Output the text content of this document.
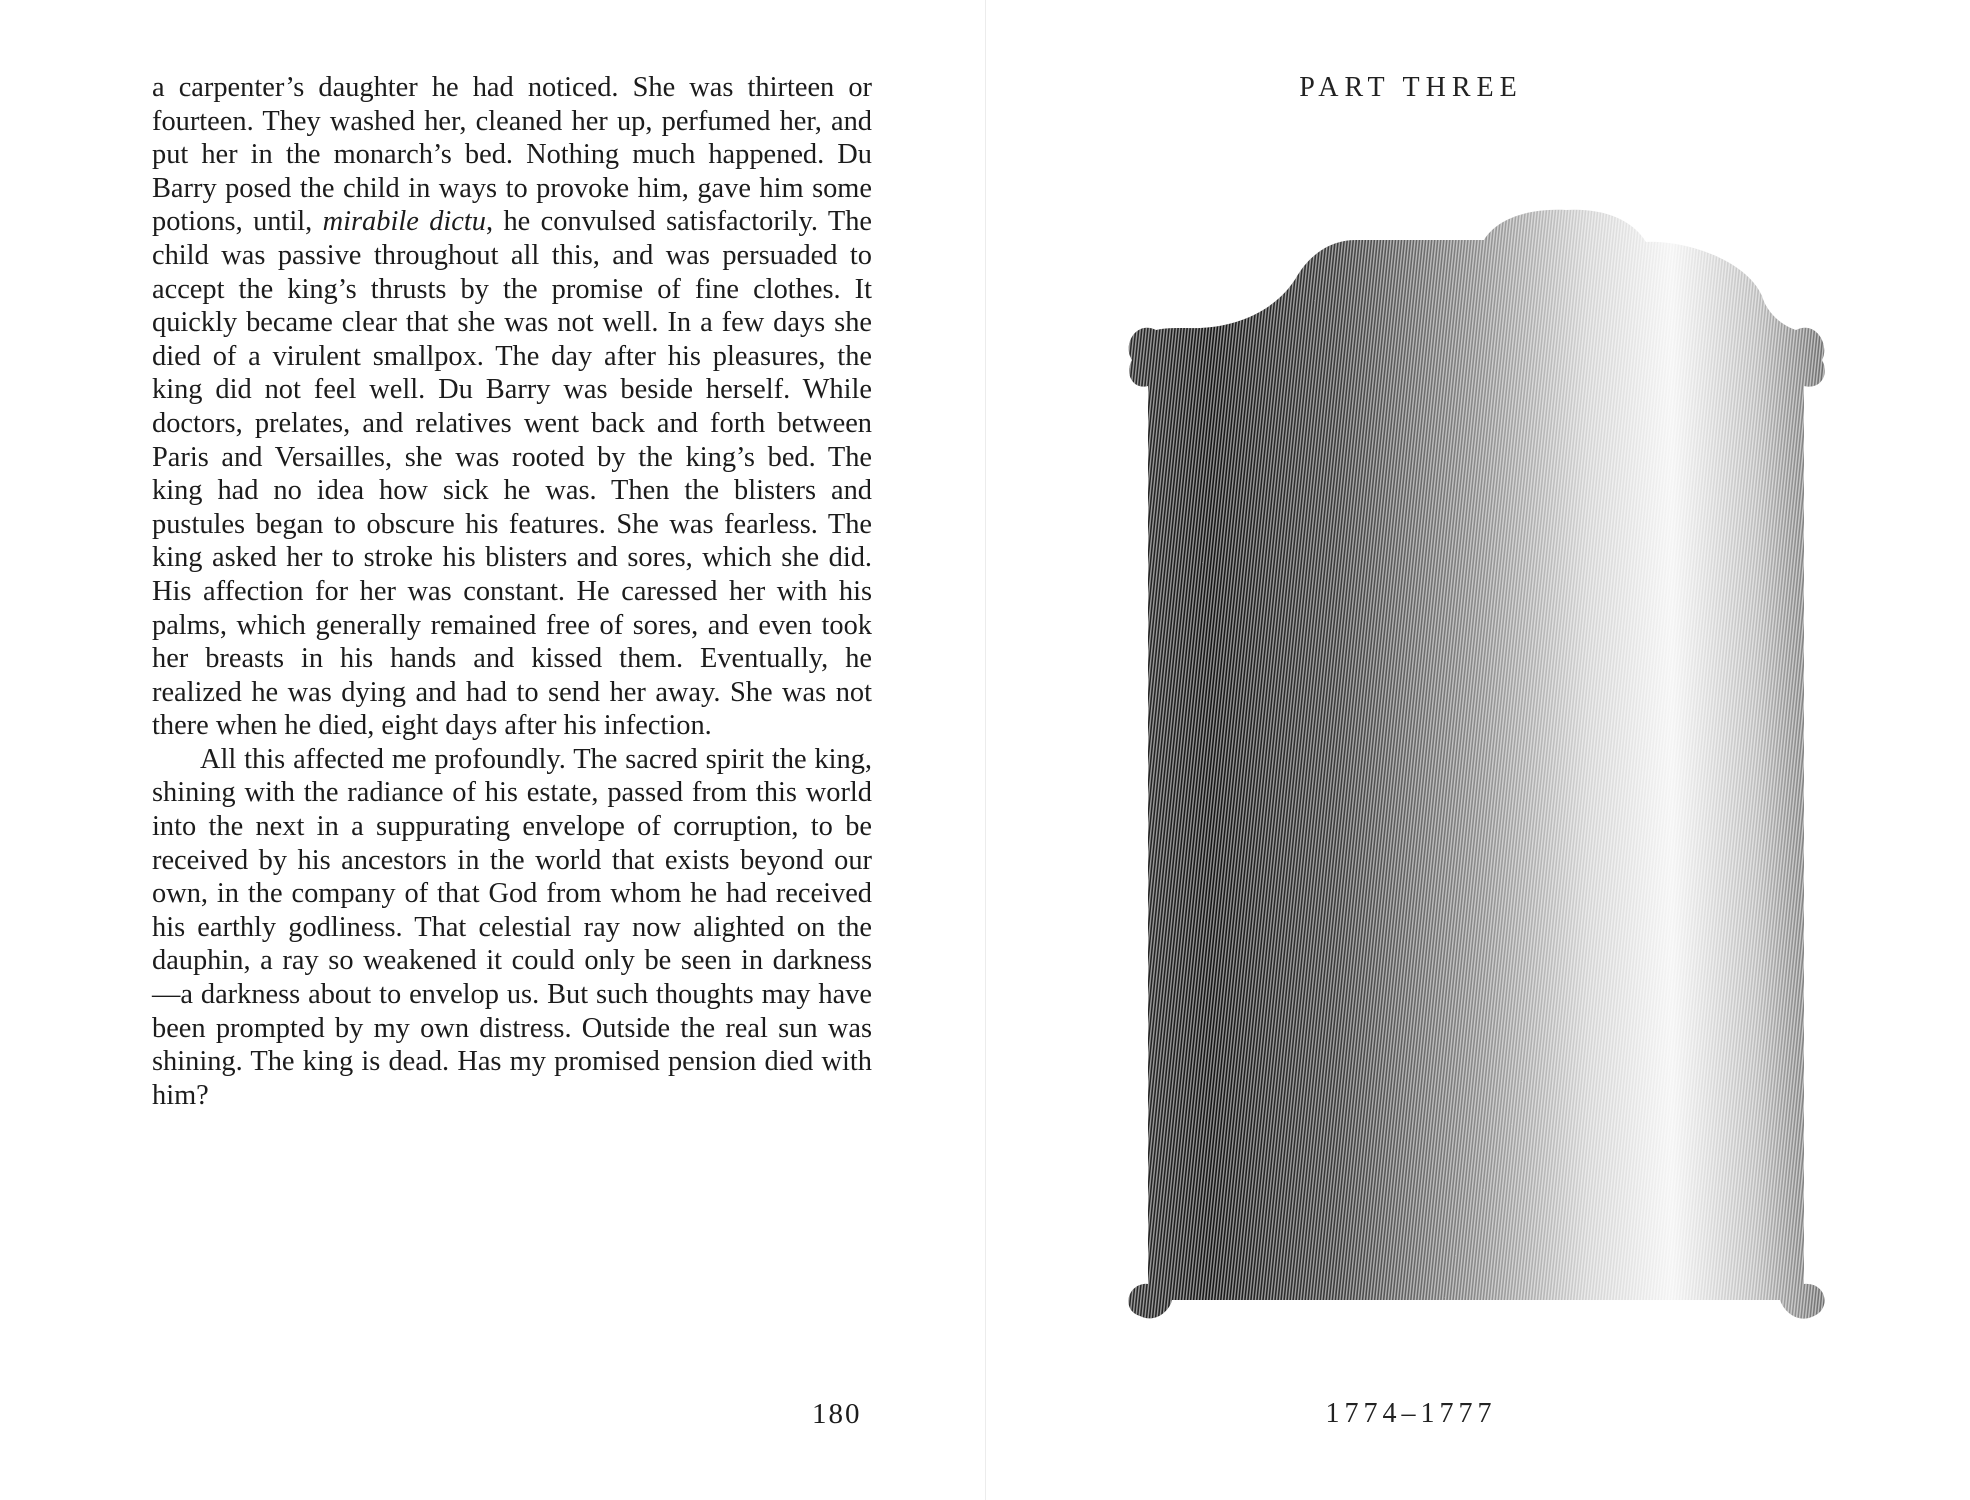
a carpenter’s daughter he had noticed. She was thirteen or fourteen. They washed her, cleaned her up, perfumed her, and put her in the monarch’s bed. Nothing much happened. Du Barry posed the child in ways to provoke him, gave him some potions, until, mirabile dictu, he convulsed satisfactorily. The child was passive throughout all this, and was persuaded to accept the king’s thrusts by the promise of fine clothes. It quickly became clear that she was not well. In a few days she died of a virulent smallpox. The day after his pleasures, the king did not feel well. Du Barry was beside herself. While doctors, prelates, and relatives went back and forth between Paris and Versailles, she was rooted by the king’s bed. The king had no idea how sick he was. Then the blisters and pustules began to obscure his features. She was fearless. The king asked her to stroke his blisters and sores, which she did. His affection for her was constant. He caressed her with his palms, which generally remained free of sores, and even took her breasts in his hands and kissed them. Eventually, he realized he was dying and had to send her away. She was not there when he died, eight days after his infection.

All this affected me profoundly. The sacred spirit the king, shining with the radiance of his estate, passed from this world into the next in a suppurating envelope of corruption, to be received by his ancestors in the world that exists beyond our own, in the company of that God from whom he had received his earthly godliness. That celestial ray now alighted on the dauphin, a ray so weakened it could only be seen in darkness—a darkness about to envelop us. But such thoughts may have been prompted by my own distress. Outside the real sun was shining. The king is dead. Has my promised pension died with him?

180
PART THREE
1774–1777
